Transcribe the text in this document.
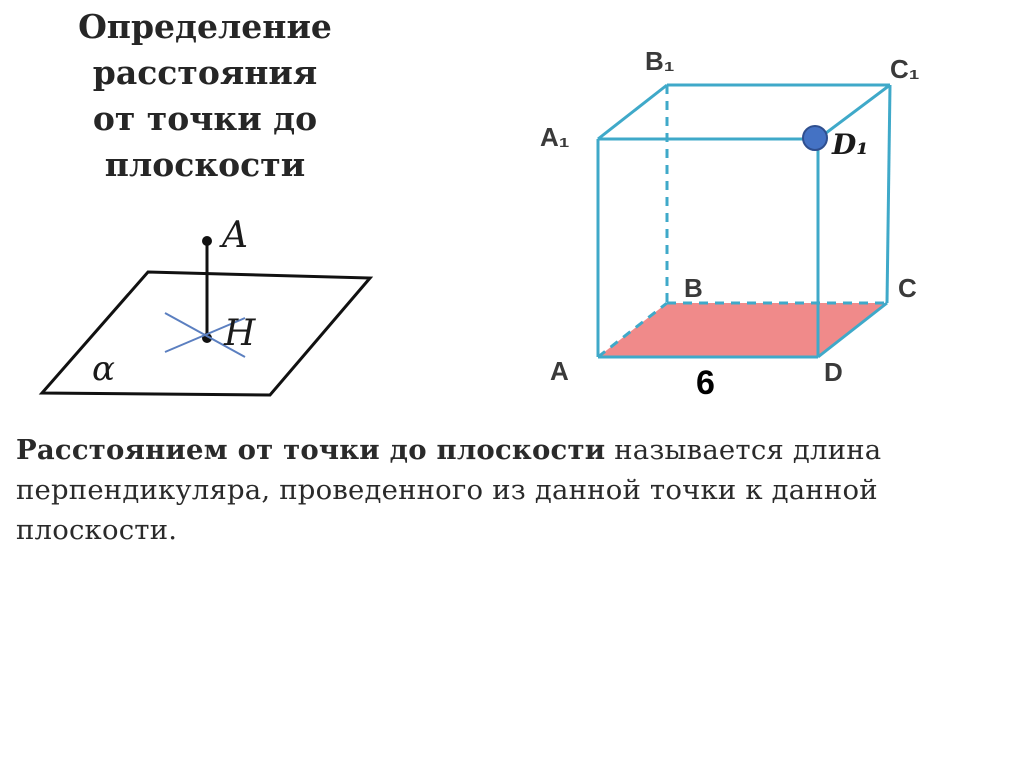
Определение
расстояния
от точки до
плоскости
A
H
α
B₁	C₁
A₁	D₁
B	C
A	D
6

Расстоянием от точки до плоскости называется длина перпендикуляра, проведенного из данной точки к данной плоскости.
